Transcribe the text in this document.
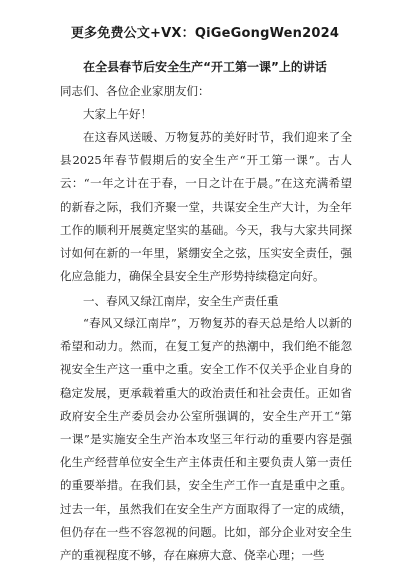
更多免费公文+VX：QiGeGongWen2024
在全县春节后安全生产“开工第一课”上的讲话

同志们、各位企业家朋友们：

大家上午好！

在这春风送暖、万物复苏的美好时节，我们迎来了全县2025年春节假期后的安全生产“开工第一课”。古人云：“一年之计在于春，一日之计在于晨。”在这充满希望的新春之际，我们齐聚一堂，共谋安全生产大计，为全年工作的顺利开展奠定坚实的基础。今天，我与大家共同探讨如何在新的一年里，紧绷安全之弦，压实安全责任，强化应急能力，确保全县安全生产形势持续稳定向好。

一、春风又绿江南岸，安全生产责任重

“春风又绿江南岸”，万物复苏的春天总是给人以新的希望和动力。然而，在复工复产的热潮中，我们绝不能忽视安全生产这一重中之重。安全工作不仅关乎企业自身的稳定发展，更承载着重大的政治责任和社会责任。正如省政府安全生产委员会办公室所强调的，安全生产开工“第一课”是实施安全生产治本攻坚三年行动的重要内容是强化生产经营单位安全生产主体责任和主要负责人第一责任的重要举措。在我们县，安全生产工作一直是重中之重。过去一年，虽然我们在安全生产方面取得了一定的成绩，但仍存在一些不容忽视的问题。比如，部分企业对安全生产的重视程度不够，存在麻痹大意、侥幸心理；一些
